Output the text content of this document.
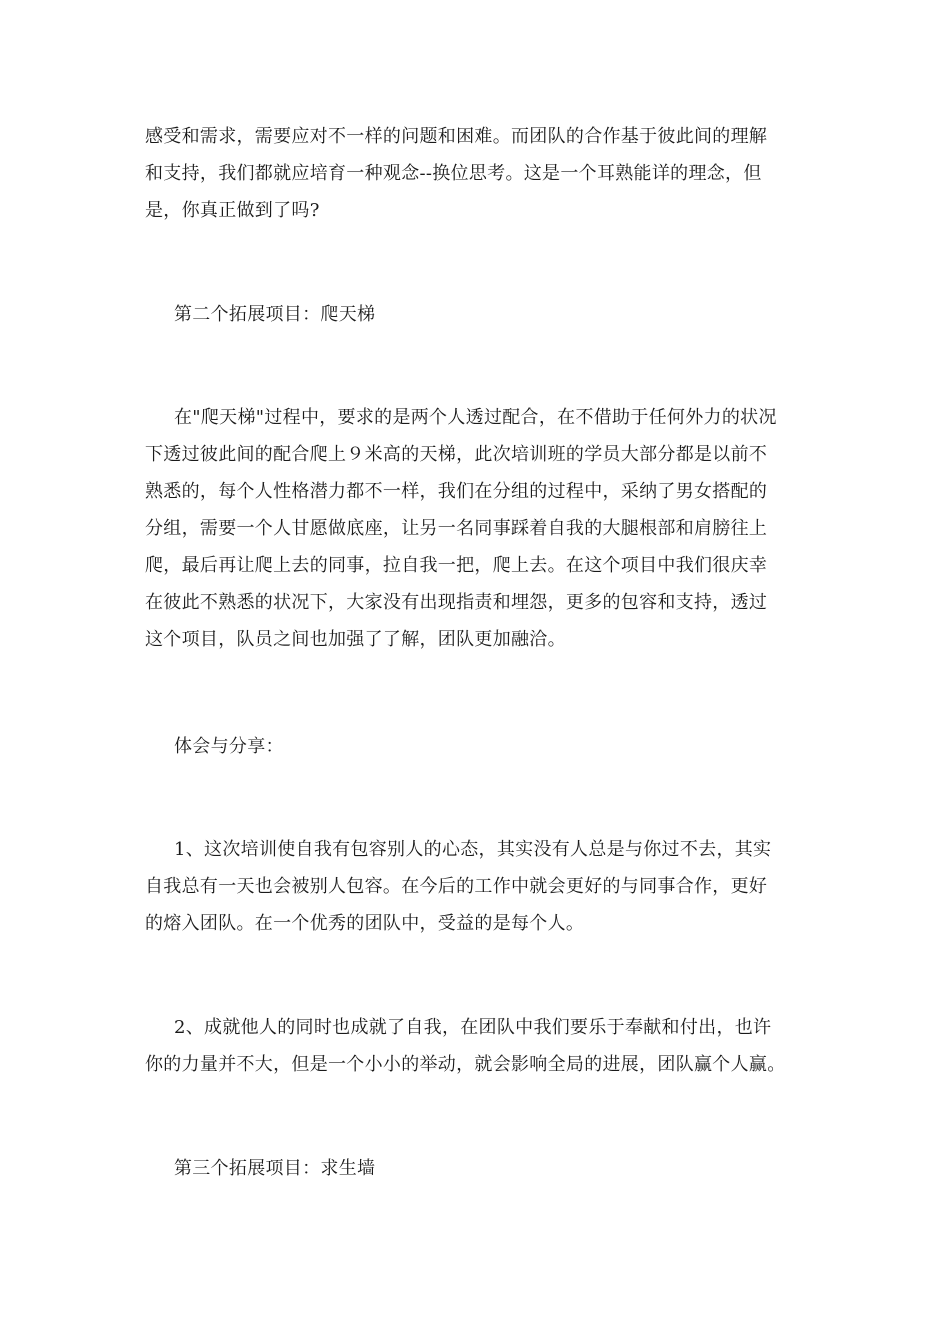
感受和需求，需要应对不一样的问题和困难。而团队的合作基于彼此间的理解
和支持，我们都就应培育一种观念--换位思考。这是一个耳熟能详的理念，但
是，你真正做到了吗?
第二个拓展项目：爬天梯
在"爬天梯"过程中，要求的是两个人透过配合，在不借助于任何外力的状况
下透过彼此间的配合爬上９米高的天梯，此次培训班的学员大部分都是以前不
熟悉的，每个人性格潜力都不一样，我们在分组的过程中，采纳了男女搭配的
分组，需要一个人甘愿做底座，让另一名同事踩着自我的大腿根部和肩膀往上
爬，最后再让爬上去的同事，拉自我一把，爬上去。在这个项目中我们很庆幸
在彼此不熟悉的状况下，大家没有出现指责和埋怨，更多的包容和支持，透过
这个项目，队员之间也加强了了解，团队更加融洽。
体会与分享：
1、这次培训使自我有包容别人的心态，其实没有人总是与你过不去，其实
自我总有一天也会被别人包容。在今后的工作中就会更好的与同事合作，更好
的熔入团队。在一个优秀的团队中，受益的是每个人。
2、成就他人的同时也成就了自我，在团队中我们要乐于奉献和付出，也许
你的力量并不大，但是一个小小的举动，就会影响全局的进展，团队赢个人赢。
第三个拓展项目：求生墙
